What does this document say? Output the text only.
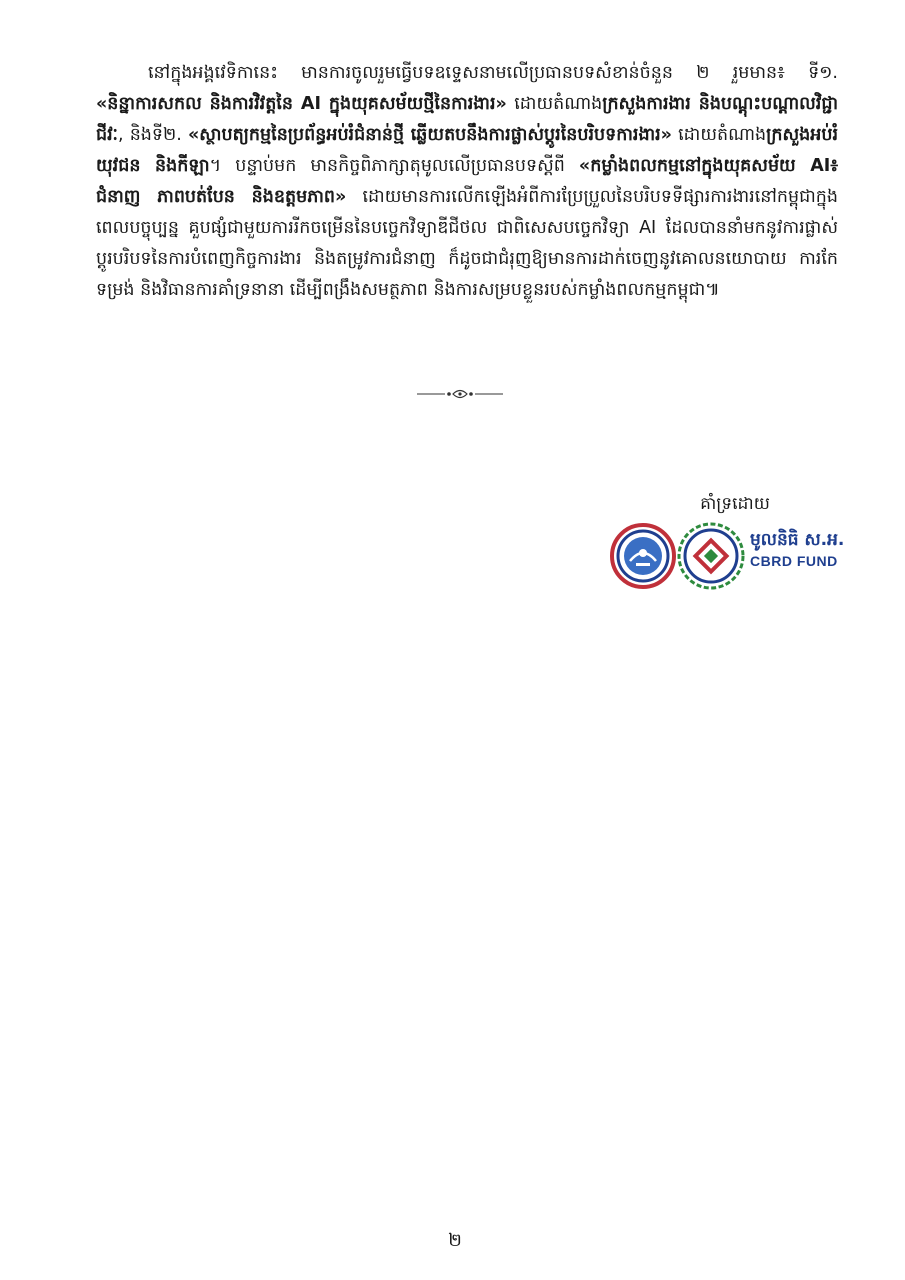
នៅក្នុងអង្គវេទិកានេះ មានការចូលរួមធ្វើបទឧទ្ទេសនាមលើប្រធានបទសំខាន់ចំនួន ២ រួមមាន៖ ទី១. «និន្នាការសកល និងការវិវត្តនៃ AI ក្នុងយុគសម័យថ្មីនៃការងារ» ដោយតំណាងក្រសួងការងារ និងបណ្តុះបណ្តាលវិជ្ជាជីវៈ, និងទី២. «ស្ថាបត្យកម្មនៃប្រព័ន្ធអប់រំជំនាន់ថ្មី ឆ្លើយតបនឹងការផ្លាស់ប្តូរនៃបរិបទការងារ» ដោយតំណាងក្រសួងអប់រំ យុវជន និងកីឡា។ បន្ទាប់មក មានកិច្ចពិភាក្សាតុមូលលើប្រធានបទស្តីពី «កម្លាំងពលកម្មនៅក្នុងយុគសម័យ AI៖ ជំនាញ ភាពបត់បែន និងឧត្តមភាព» ដោយមានការលើកឡើងអំពីការប្រែប្រួលនៃបរិបទទីផ្សារការងារនៅកម្ពុជាក្នុងពេលបច្ចុប្បន្ន គួបផ្សំជាមួយការរីកចម្រើននៃបច្ចេកវិទ្យាឌីជីថល ជាពិសេសបច្ចេកវិទ្យា AI ដែលបាននាំមកនូវការផ្លាស់ប្តូរបរិបទនៃការបំពេញកិច្ចការងារ និងតម្រូវការជំនាញ ក៏ដូចជាជំរុញឱ្យមានការដាក់ចេញនូវគោលនយោបាយ ការកែទម្រង់ និងវិធានការគាំទ្រនានា ដើម្បីពង្រឹងសមត្ថភាព និងការសម្របខ្លួនរបស់កម្លាំងពលកម្មកម្ពុជា៕

គាំទ្រដោយ
មូលនិធិ ស.អ.
CBRD FUND
២
